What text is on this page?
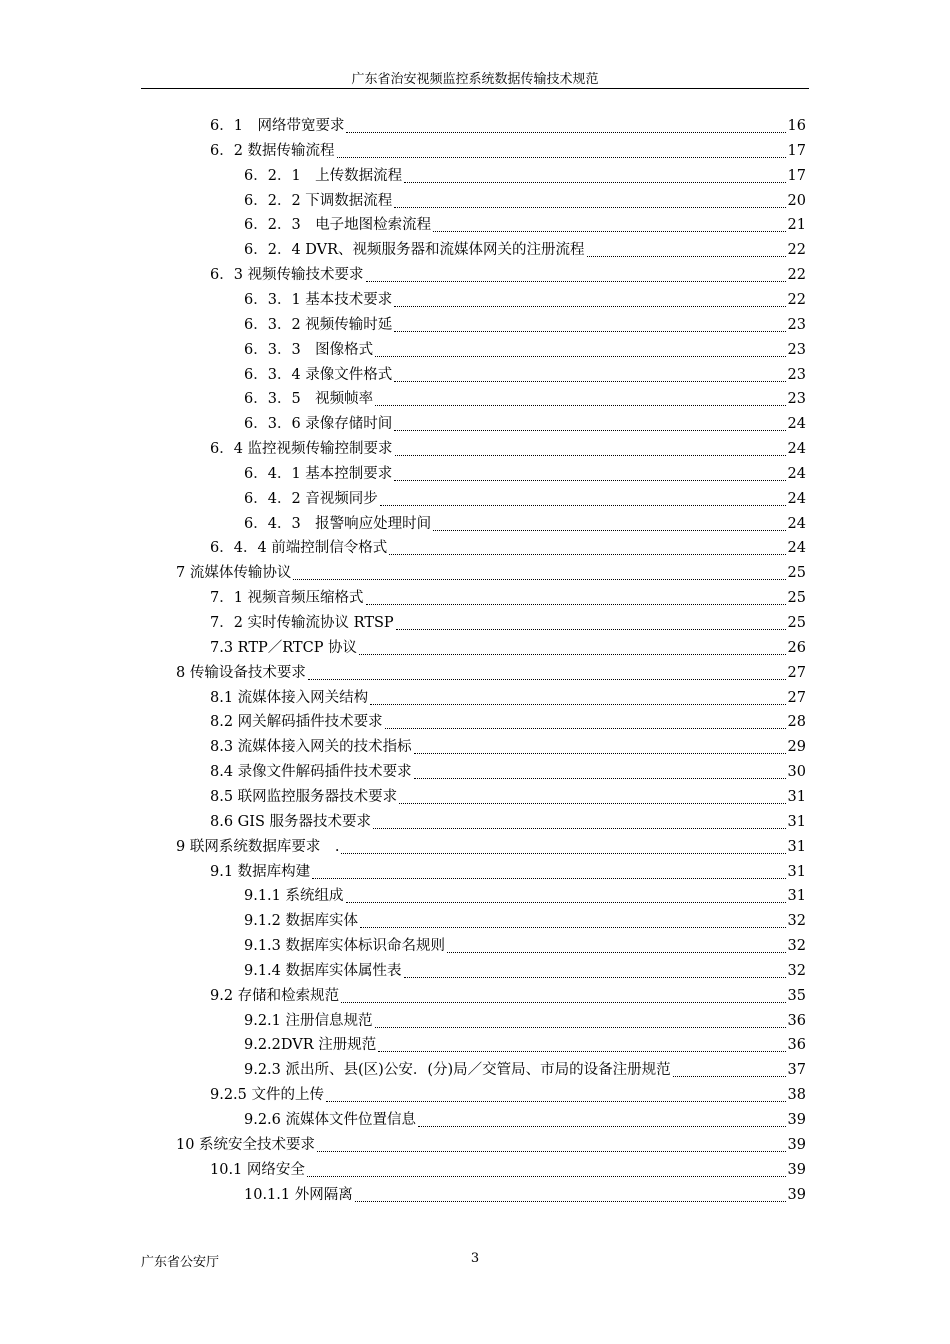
广东省治安视频监控系统数据传输技术规范
6．1　网络带宽要求	16
6．2 数据传输流程	17
6．2．1　上传数据流程	17
6．2．2 下调数据流程	20
6．2．3　电子地图检索流程	21
6．2．4 DVR、视频服务器和流媒体网关的注册流程	22
6．3 视频传输技术要求	22
6．3．1 基本技术要求	22
6．3．2 视频传输时延	23
6．3．3　图像格式	23
6．3．4 录像文件格式	23
6．3．5　视频帧率	23
6．3．6 录像存储时间	24
6．4 监控视频传输控制要求	24
6．4．1 基本控制要求	24
6．4．2 音视频同步	24
6．4．3　报警响应处理时间	24
6．4．4 前端控制信令格式	24
7 流媒体传输协议	25
7．1 视频音频压缩格式	25
7．2 实时传输流协议 RTSP	25
7.3 RTP／RTCP 协议	26
8 传输设备技术要求	27
8.1 流媒体接入网关结构	27
8.2 网关解码插件技术要求	28
8.3 流媒体接入网关的技术指标	29
8.4 录像文件解码插件技术要求	30
8.5 联网监控服务器技术要求	31
8.6 GIS 服务器技术要求	31
9 联网系统数据库要求　.	31
9.1 数据库构建	31
9.1.1 系统组成	31
9.1.2 数据库实体	32
9.1.3 数据库实体标识命名规则	32
9.1.4 数据库实体属性表	32
9.2 存储和检索规范	35
9.2.1 注册信息规范	36
9.2.2DVR 注册规范	36
9.2.3 派出所、县(区)公安．(分)局／交管局、市局的设备注册规范	37
9.2.5 文件的上传	38
9.2.6 流媒体文件位置信息	39
10 系统安全技术要求	39
10.1 网络安全	39
10.1.1 外网隔离	39
广东省公安厅	3
